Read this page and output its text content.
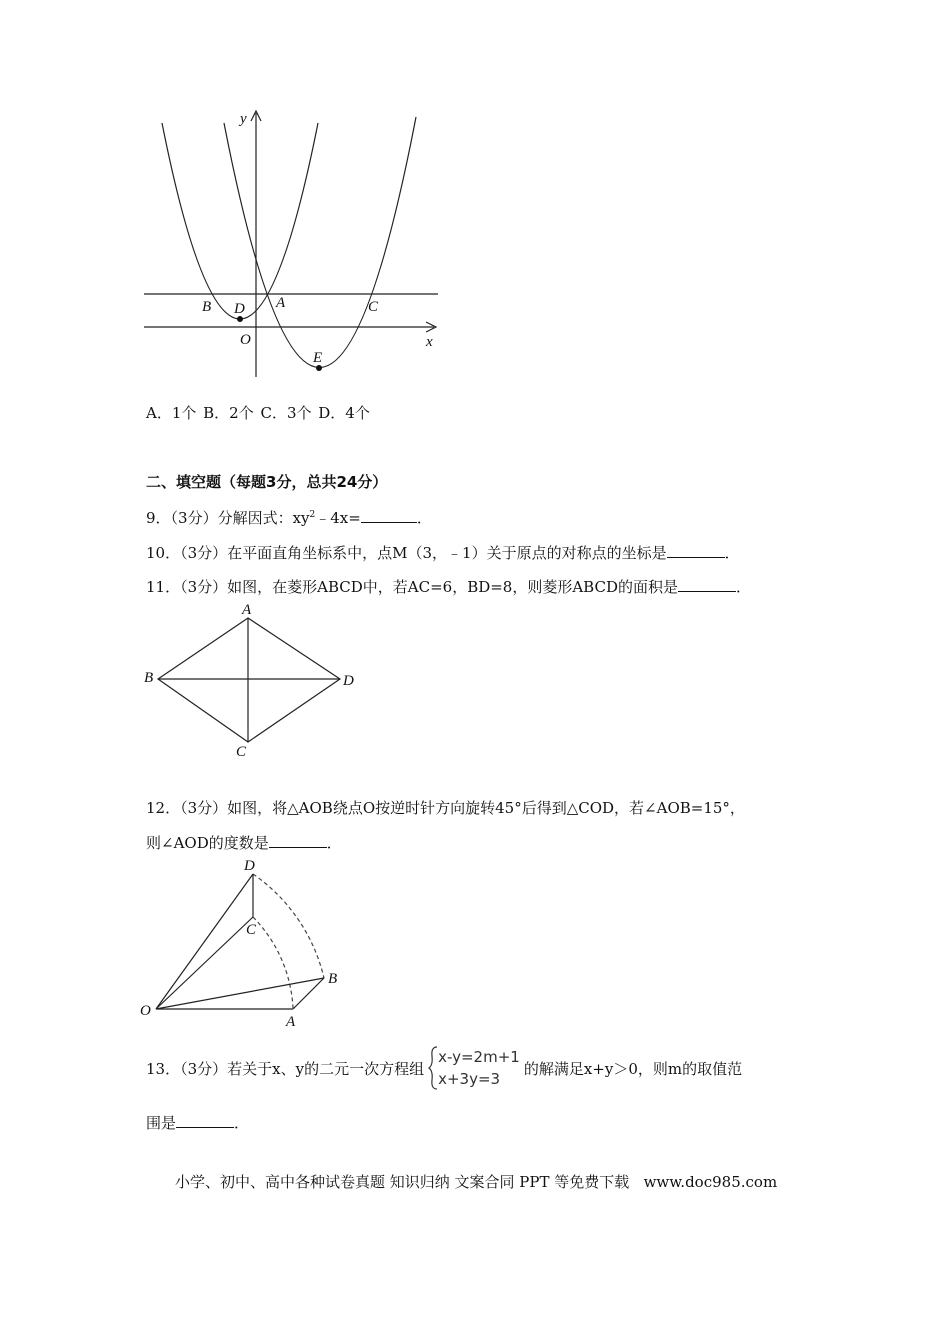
y
x
O
B D A	C
E
A．1个 B．2个 C．3个 D．4个
二、填空题（每题3分，总共24分）
9．（3分）分解因式：$xy^2﹣4x=$	．
10．（3分）在平面直角坐标系中，点M（3，﹣1）关于原点的对称点的坐标是	．
11．（3分）如图，在菱形ABCD中，若AC=6，BD=8，则菱形ABCD的面积是	．
A
B
C
D
12．（3分）如图，将△AOB绕点O按逆时针方向旋转45°后得到△COD，若∠AOB=15°，
则∠AOD的度数是	．
D
C
O
A
B
13．（3分）若关于x、y的二元一次方程组
x-y=2m+1
x+3y=3
的解满足x+y＞0，则m的取值范
围是	．
小学、初中、高中各种试卷真题 知识归纳 文案合同 PPT 等免费下载   www.doc985.com
